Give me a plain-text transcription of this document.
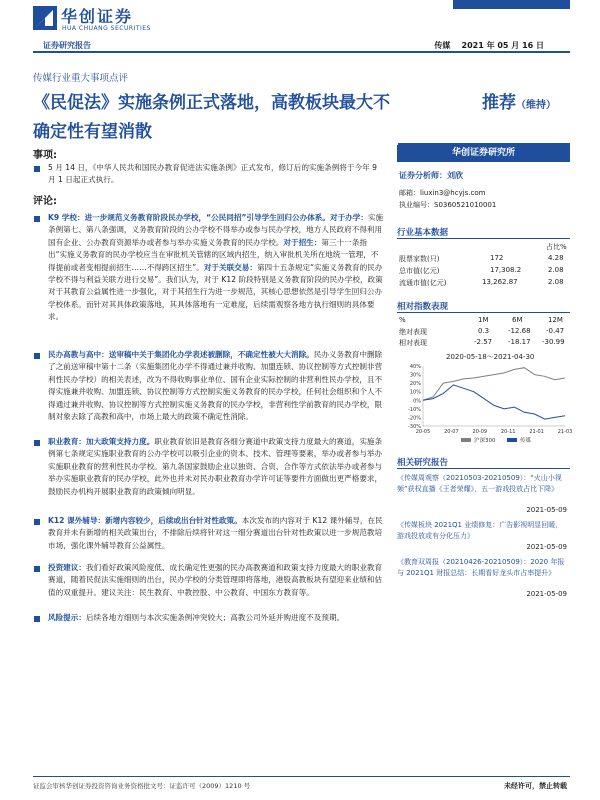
华创证券
HUA CHUANG SECURITIES
证券研究报告	传媒 2021 年 05 月 16 日
传媒行业重大事项点评
《民促法》实施条例正式落地，高教板块最大不确定性有望消散
推荐（维持）
事项:
5 月 14 日，《中华人民共和国民办教育促进法实施条例》正式发布，修订后的实施条例将于今年 9 月 1 日起正式执行。
评论:
K9 学校：进一步规范义务教育阶段民办学校，“公民同招”引导学生回归公办体系。对于办学：实施条例第七、第八条强调，义务教育阶段的公办学校不得举办或参与民办学校，地方人民政府不得利用国有企业、公办教育资源举办或者参与举办实施义务教育的民办学校。对于招生：第三十一条指出“实施义务教育的民办学校应当在审批机关管辖的区域内招生，纳入审批机关所在地统一管理，不得提前或者变相提前招生……不得跨区招生”。对于关联交易：第四十五条规定“实施义务教育的民办学校不得与利益关联方进行交易”。我们认为，对于 K12 阶段特别是义务教育阶段的民办学校，政策对于其教育公益属性进一步强化，对于其招生行为进一步规范，其核心思想依然是引导学生回归公办学校体系。而针对其具体政策落地，其具体落地有一定难度，后续需观察各地方执行细则的具体要求。
民办高教与高中：送审稿中关于集团化办学表述被删除，不确定性被大大消除。民办义务教育中删除了之前送审稿中第十二条（实施集团化办学不得通过兼并收购、加盟连锁、协议控制等方式控制非营利性民办学校）的相关表述，改为不得收购事业单位、国有企业实际控制的非营利性民办学校，且不得实施兼并收购、加盟连锁、协议控制等方式控制实施义务教育的民办学校，任何社会组织和个人不得通过兼并收购、协议控制等方式控制实施义务教育的民办学校，非营利性学前教育的民办学校，限制对象去除了高教和高中，市场上最大的政策不确定性消除。
职业教育：加大政策支持力度。职业教育依旧是教育各细分赛道中政策支持力度最大的赛道，实施条例第七条规定实施职业教育的公办学校可以吸引企业的资本、技术、管理等要素，举办或者参与举办实施职业教育的营利性民办学校。第九条国家鼓励企业以独资、合资、合作等方式依法举办或者参与举办实施职业教育的民办学校，此外也并未对民办职业教育办学许可证等要件方面做出更严格要求，鼓励民办机构开展职业教育的政策倾向明显。
K12 课外辅导：新增内容较少，后续或出台针对性政策。本次发布的内容对于 K12 课外辅导，在民教育并未有新增的相关政策出台，不排除后续将针对这一细分赛道出台针对性政策以进一步规范教培市场，强化课外辅导教育公益属性。
投资建议：我们看好政策风险度低、成长确定性更强的民办高教赛道和政策支持力度最大的职业教育赛道，随着民促法实施细则的出台，民办学校的分类管理即将落地，港股高教板块有望迎来业绩和估值的双重提升。建议关注：民生教育、中教控股、中公教育、中国东方教育等。
风险提示：后续各地方细则与本次实施条例冲突较大；高教公司外延并购进度不及预期。
华创证券研究所
证券分析师：刘欣
邮箱：liuxin3@hcyjs.com
执业编号：S0360521010001
行业基本数据
占比%
股票家数(只)	172	4.28
总市值(亿元)	17,308.2	2.08
流通市值(亿元)	13,262.87	2.08
相对指数表现
%	1M	6M	12M
绝对表现	0.3	-12.68 -0.47
相对表现	-2.57 -18.17 -30.99
2020-05-18～2021-04-30
40%
30%
20%
10%
0%
-10%
-20%
-30%
20-05	20-07	20-09	20-11	21-01	21-03
沪深300	传媒
相关研究报告
《传媒周观察（20210503-20210509）：“火山小视频”获权直播《王者荣耀》，五一游戏投放占比下降》
2021-05-09
《传媒板块 2021Q1 业绩修复：广告影视明显回暖，游戏投放或有分化压力》
2021-05-09
《教育双周报（20210426-20210509）：2020 年报与 2021Q1 财报总结：长期看好龙头市占率提升》
2021-05-09
证监会审核华创证券投资咨询业务资格批文号：证监许可（2009）1210 号	未经许可，禁止转载
